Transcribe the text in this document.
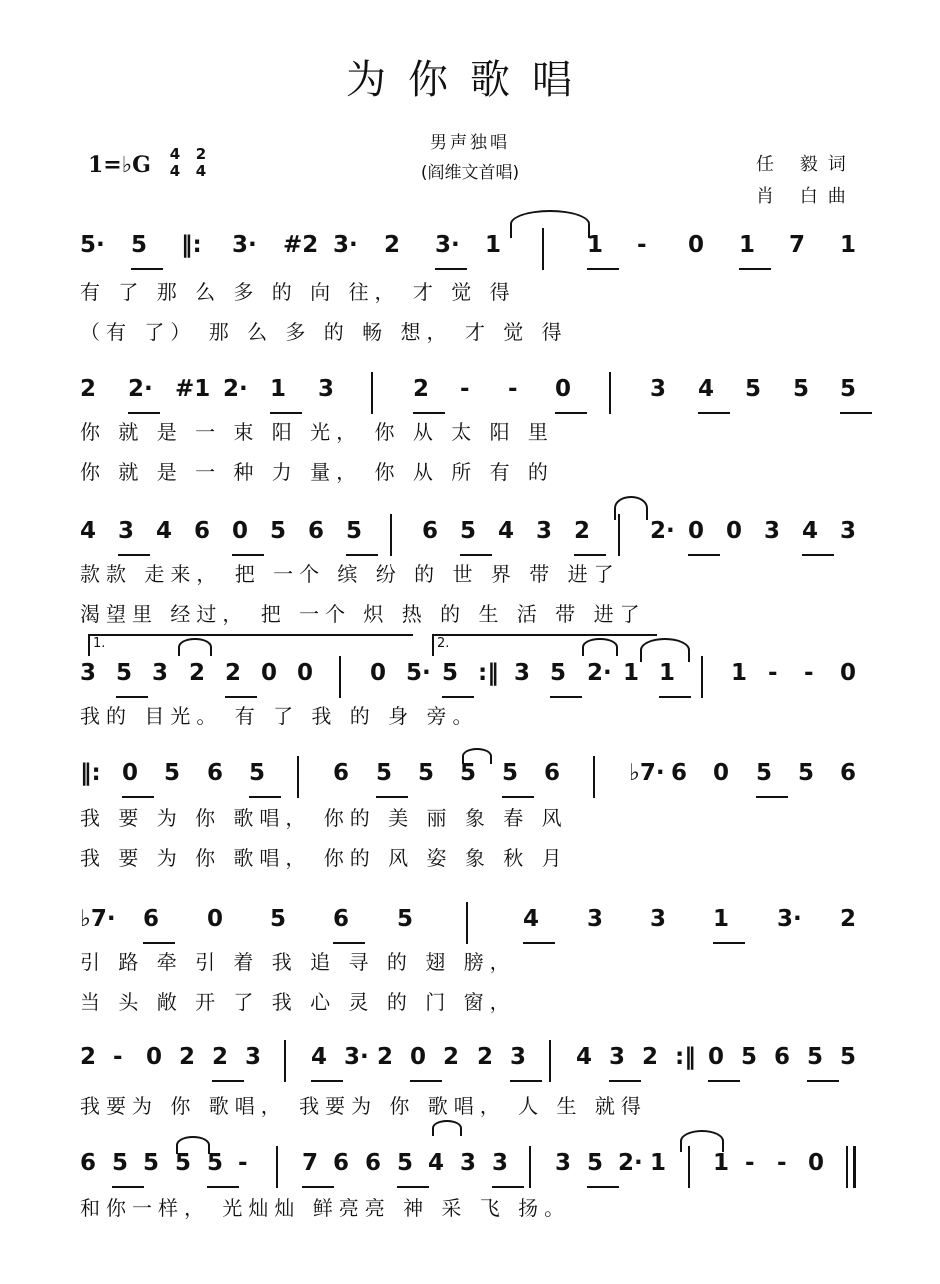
为你歌唱
男声独唱
(阎维文首唱)
1=♭G 4
4
2
4	任 毅词
肖 白曲
5· 5 ‖: 3· #2 3· 2 3· 1	1 - 0 1 7 1
有 了 那 么 多 的 向 往， 才 觉 得
（有 了） 那 么 多 的 畅 想， 才 觉 得
2 2· #1 2· 1 3	2 - - 0	3 4 5 5 5
你 就 是 一 束 阳 光， 你 从 太 阳 里
你 就 是 一 种 力 量， 你 从 所 有 的
4 3 4 6 0 5 6 5	6 5 4 3 2	2· 0 0 3 4 3
款款 走来， 把 一个 缤 纷 的 世 界 带 进了
渴望里 经过， 把 一个 炽 热 的 生 活 带 进了
3 5 3 2 2 0 0 0 5· 5 :‖ 3 5 2· 1 1 1 - - 0
1.	2.
我的 目光。 有 了 我 的 身 旁。
‖: 0 5 6 5	6 5 5 5 5 6	♭7· 6 0 5 5 6
我 要 为 你 歌唱， 你的 美 丽 象 春 风
我 要 为 你 歌唱， 你的 风 姿 象 秋 月
♭7· 6 0 5 6 5	4 3 3 1 3· 2
引 路 牵 引 着 我 追 寻 的 翅 膀，
当 头 敞 开 了 我 心 灵 的 门 窗，
2 - 0 2 2 3 4 3· 2 0 2 2 3 4 3 2 :‖ 0 5 6 5 5
我要为 你 歌唱， 我要为 你 歌唱， 人 生 就得
6 5 5 5 5 - 7 6 6 5 4 3 3 3 5 2· 1 1 - - 0
和你一样， 光灿灿 鲜亮亮 神 采 飞 扬。
